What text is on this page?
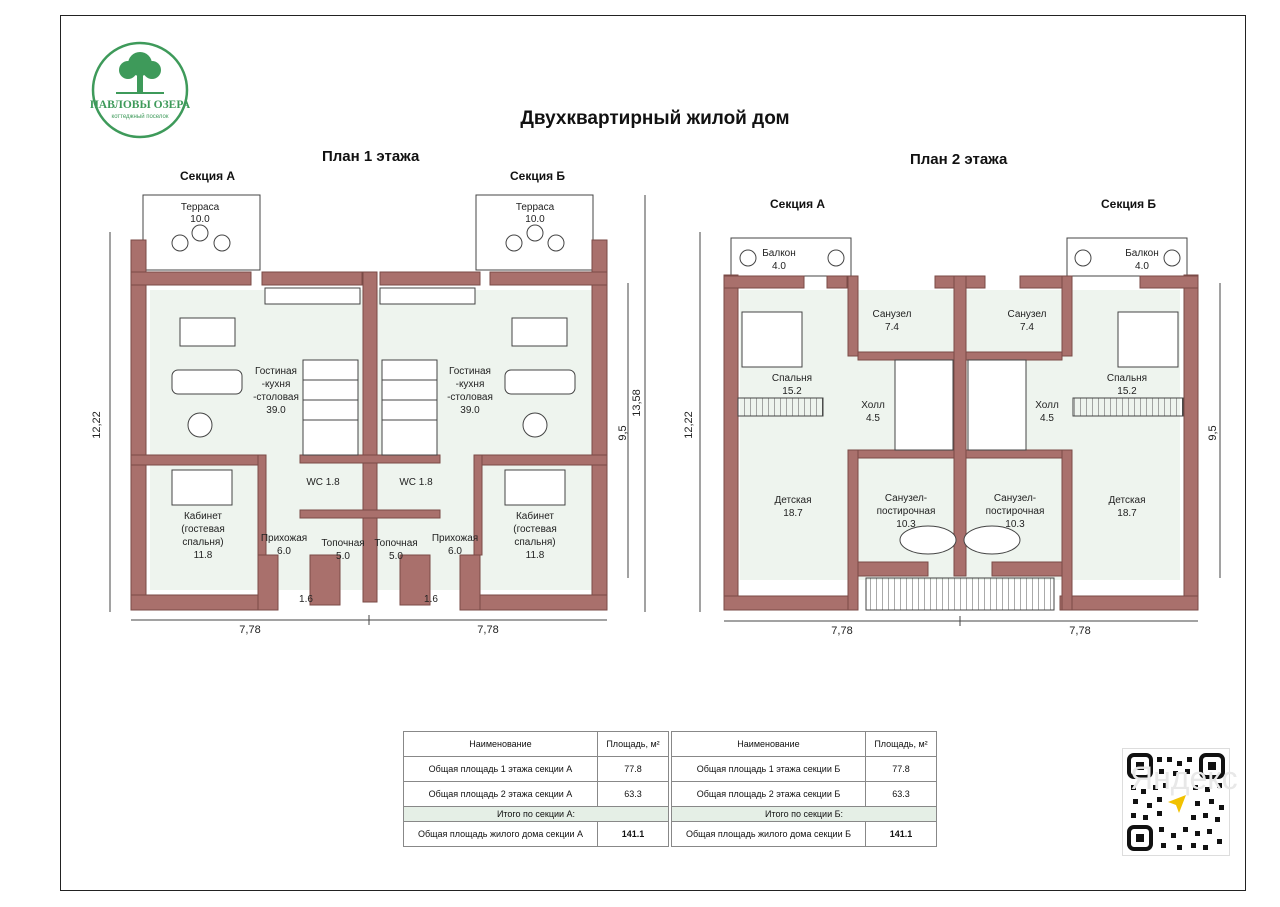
ПАВЛОВЫ ОЗЕРА
коттеджный поселок	Двухквартирный жилой дом
План 1 этажа	План 2 этажа
Секция А	Секция Б
Секция А	Секция Б
Терраса
10.0
Терраса
10.0
Гостиная
-кухня
-столовая
39.0
Гостиная
-кухня
-столовая
39.0
WC 1.8	WC 1.8
Кабинет
(гостевая
спальня)
11.8
Кабинет
(гостевая
спальня)
11.8
Прихожая
6.0
Прихожая
6.0
Топочная
5.0
Топочная
5.0
1.6	1.6
7,78	7,78
12,22
13,58
9,5
Балкон
4.0
Балкон
4.0
Санузел
7.4
Санузел
7.4
Спальня
15.2
Спальня
15.2
Холл
4.5
Холл
4.5
Детская
18.7
Детская
18.7
Санузел-
постирочная
10.3
Санузел-
постирочная
10.3
7,78	7,78
12,22	9,5
Наименование	Площадь, м²
Общая площадь 1 этажа секции А	77.8
Общая площадь 2 этажа секции А	63.3
Итого по секции А:	
Общая площадь жилого дома секции А	141.1
Наименование	Площадь, м²
Общая площадь 1 этажа секции Б	77.8
Общая площадь 2 этажа секции Б	63.3
Итого по секции Б:	
Общая площадь жилого дома секции Б	141.1
Яндекс
